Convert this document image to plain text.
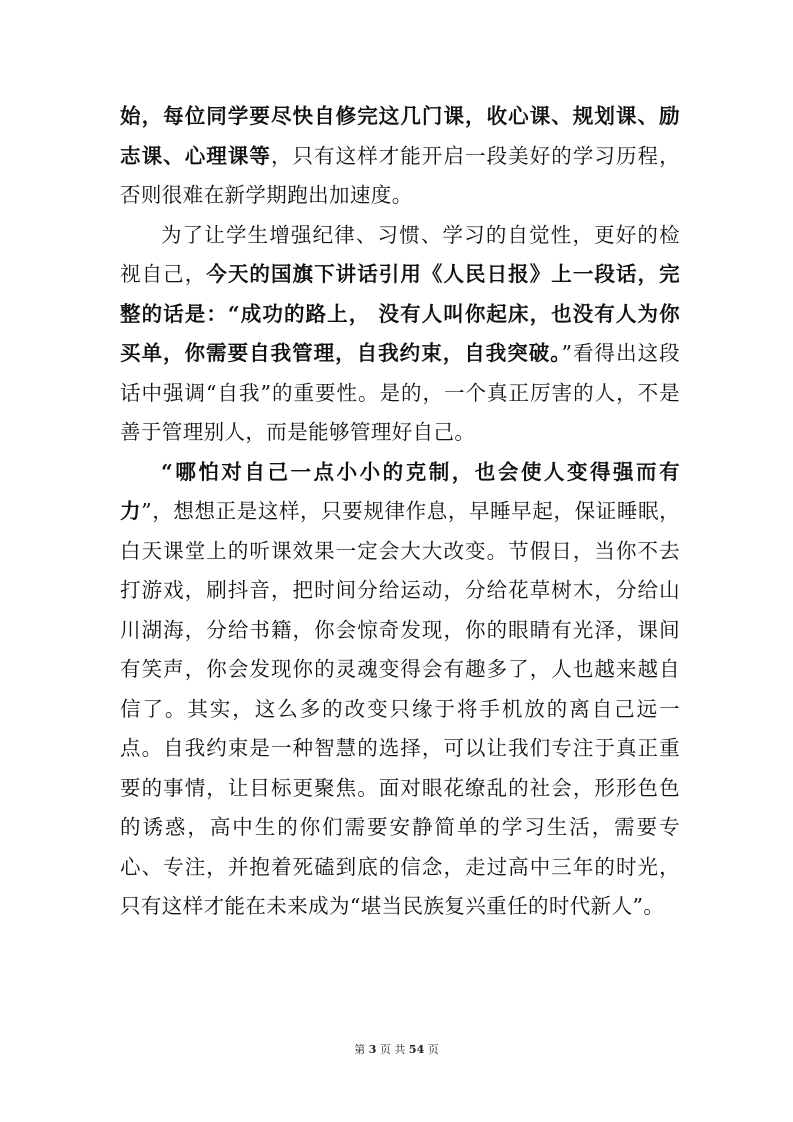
始，每位同学要尽快自修完这几门课，收心课、规划课、励志课、心理课等，只有这样才能开启一段美好的学习历程，否则很难在新学期跑出加速度。

为了让学生增强纪律、习惯、学习的自觉性，更好的检视自己，今天的国旗下讲话引用《人民日报》上一段话，完整的话是：“成功的路上， 没有人叫你起床，也没有人为你买单，你需要自我管理，自我约束，自我突破。”看得出这段话中强调“自我”的重要性。是的，一个真正厉害的人，不是善于管理别人，而是能够管理好自己。

“哪怕对自己一点小小的克制，也会使人变得强而有力”，想想正是这样，只要规律作息，早睡早起，保证睡眠，白天课堂上的听课效果一定会大大改变。节假日，当你不去打游戏，刷抖音，把时间分给运动，分给花草树木，分给山川湖海，分给书籍，你会惊奇发现，你的眼睛有光泽，课间有笑声，你会发现你的灵魂变得会有趣多了，人也越来越自信了。其实，这么多的改变只缘于将手机放的离自己远一点。自我约束是一种智慧的选择，可以让我们专注于真正重要的事情，让目标更聚焦。面对眼花缭乱的社会，形形色色的诱惑，高中生的你们需要安静简单的学习生活，需要专心、专注，并抱着死磕到底的信念，走过高中三年的时光，只有这样才能在未来成为“堪当民族复兴重任的时代新人”。

第 3 页 共 54 页
